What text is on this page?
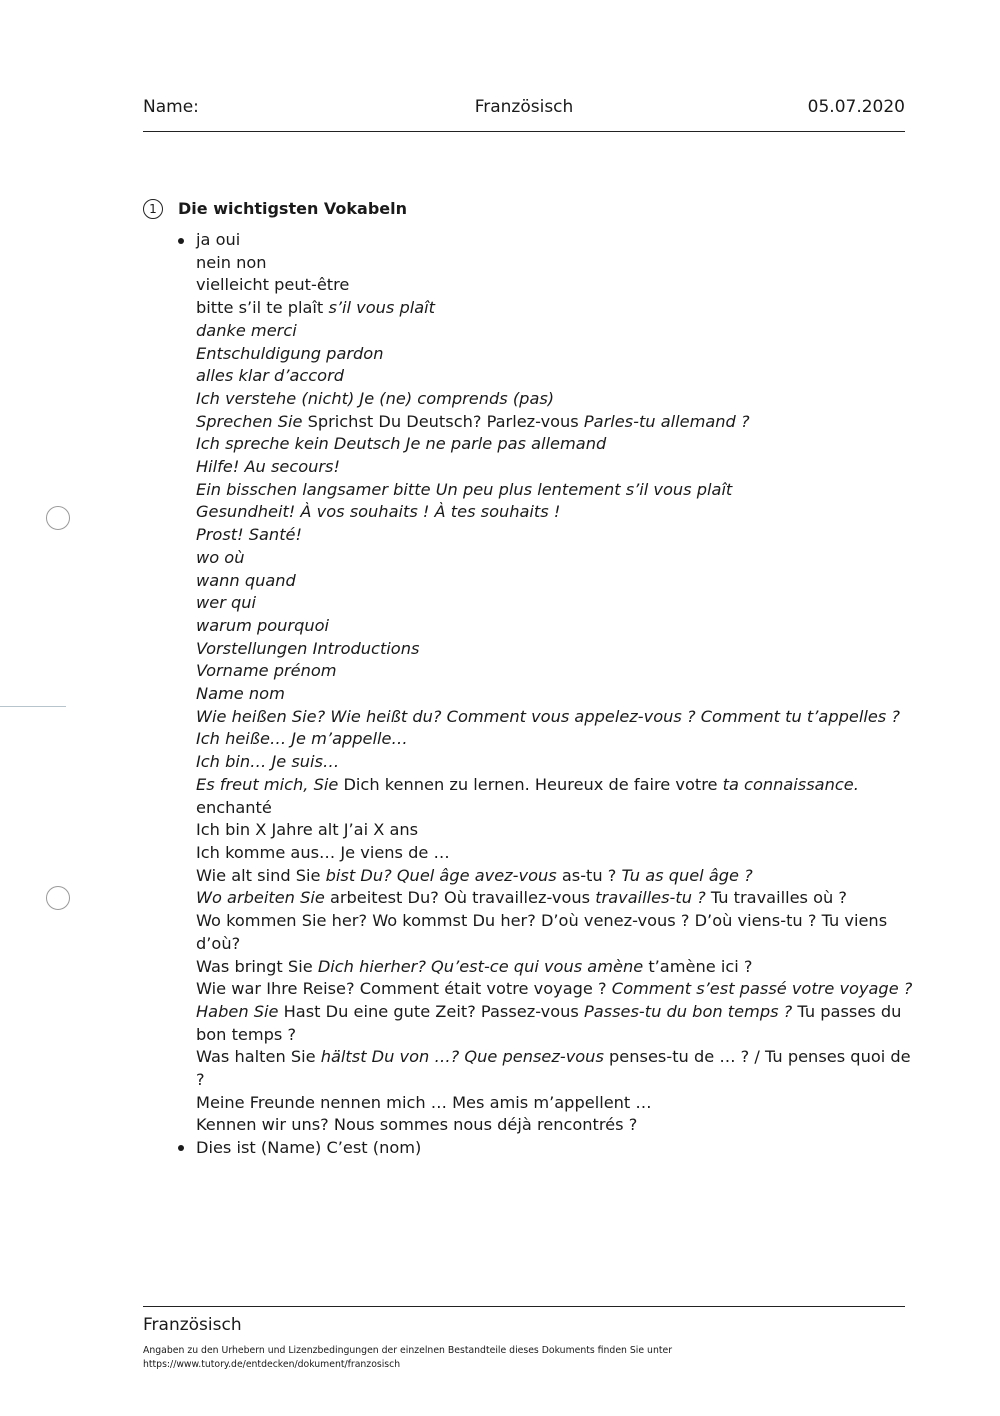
Name:	Französisch	05.07.2020
1	Die wichtigsten Vokabeln
ja oui
nein non
vielleicht peut-être
bitte s’il te plaît s’il vous plaît
danke merci
Entschuldigung pardon
alles klar d’accord
Ich verstehe (nicht) Je (ne) comprends (pas)
Sprechen Sie Sprichst Du Deutsch? Parlez-vous Parles-tu allemand ?
Ich spreche kein Deutsch Je ne parle pas allemand
Hilfe! Au secours!
Ein bisschen langsamer bitte Un peu plus lentement s’il vous plaît
Gesundheit! À vos souhaits ! À tes souhaits !
Prost! Santé!
wo où
wann quand
wer qui
warum pourquoi
Vorstellungen Introductions
Vorname prénom
Name nom
Wie heißen Sie? Wie heißt du? Comment vous appelez-vous ? Comment tu t’appelles ?
Ich heiße… Je m’appelle…
Ich bin… Je suis…
Es freut mich, Sie Dich kennen zu lernen. Heureux de faire votre ta connaissance.
enchanté
Ich bin X Jahre alt J’ai X ans
Ich komme aus… Je viens de …
Wie alt sind Sie bist Du? Quel âge avez-vous as-tu ? Tu as quel âge ?
Wo arbeiten Sie arbeitest Du? Où travaillez-vous travailles-tu ? Tu travailles où ?
Wo kommen Sie her? Wo kommst Du her? D’où venez-vous ? D’où viens-tu ? Tu viens d’où?
Was bringt Sie Dich hierher? Qu’est-ce qui vous amène t’amène ici ?
Wie war Ihre Reise? Comment était votre voyage ? Comment s’est passé votre voyage ?
Haben Sie Hast Du eine gute Zeit? Passez-vous Passes-tu du bon temps ? Tu passes du bon temps ?
Was halten Sie hältst Du von …? Que pensez-vous penses-tu de … ? / Tu penses quoi de ?
Meine Freunde nennen mich … Mes amis m’appellent …
Kennen wir uns? Nous sommes nous déjà rencontrés ?
Dies ist (Name) C’est (nom)
Französisch
Angaben zu den Urhebern und Lizenzbedingungen der einzelnen Bestandteile dieses Dokuments finden Sie unter
https://www.tutory.de/entdecken/dokument/franzosisch
